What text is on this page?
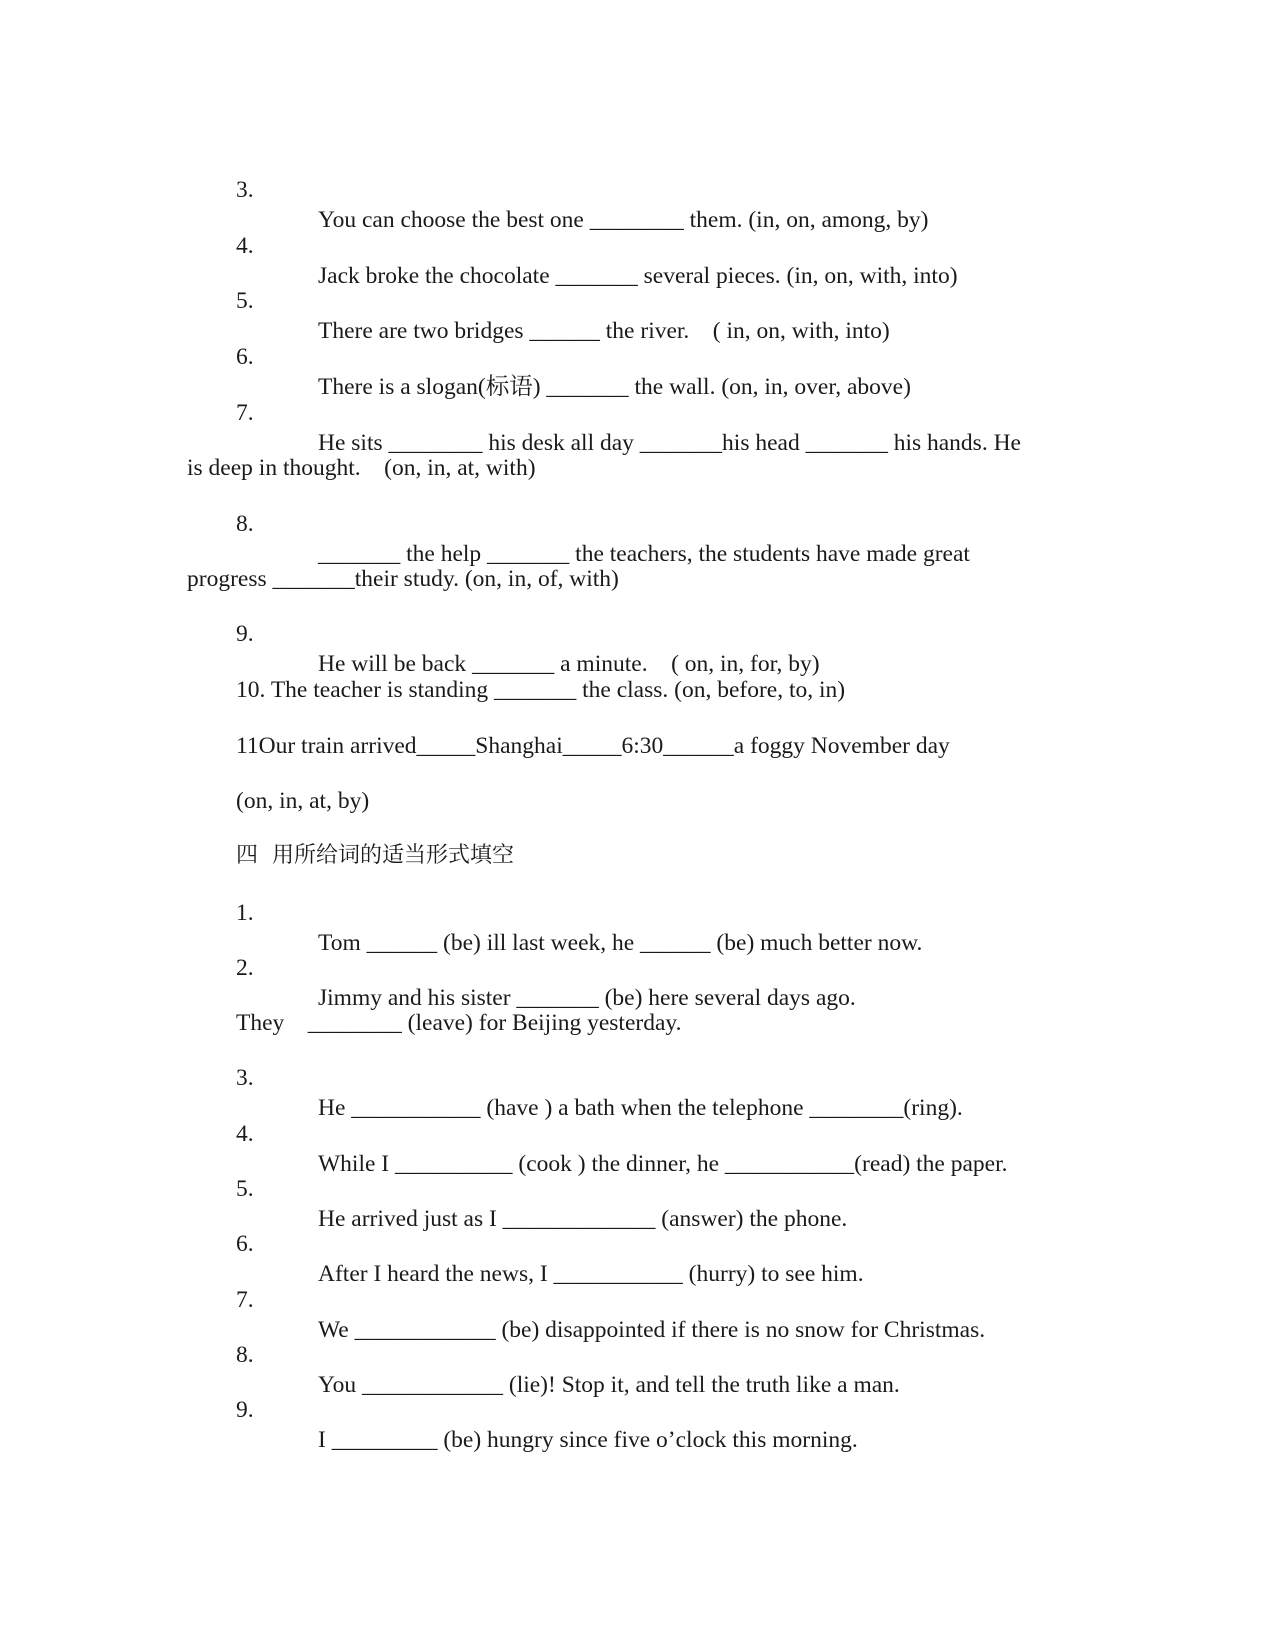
3.

You can choose the best one ________ them. (in, on, among, by)

4.

Jack broke the chocolate _______ several pieces. (in, on, with, into)

5.

There are two bridges ______ the river.    ( in, on, with, into)

6.

There is a slogan(标语) _______ the wall. (on, in, over, above)

7.

He sits ________ his desk all day _______his head _______ his hands. He

is deep in thought.    (on, in, at, with)

8.

_______ the help _______ the teachers, the students have made great

progress _______their study. (on, in, of, with)

9.

He will be back _______ a minute.    ( on, in, for, by)

10. The teacher is standing _______ the class. (on, before, to, in)

11Our train arrived_____Shanghai_____6:30______a foggy November day

(on, in, at, by)

四  用所给词的适当形式填空

1.

Tom ______ (be) ill last week, he ______ (be) much better now.

2.

Jimmy and his sister _______ (be) here several days ago.

They    ________ (leave) for Beijing yesterday.

3.

He ___________ (have ) a bath when the telephone ________(ring).

4.

While I __________ (cook ) the dinner, he ___________(read) the paper.

5.

He arrived just as I _____________ (answer) the phone.

6.

After I heard the news, I ___________ (hurry) to see him.

7.

We ____________ (be) disappointed if there is no snow for Christmas.

8.

You ____________ (lie)! Stop it, and tell the truth like a man.

9.

I _________ (be) hungry since five o’clock this morning.
